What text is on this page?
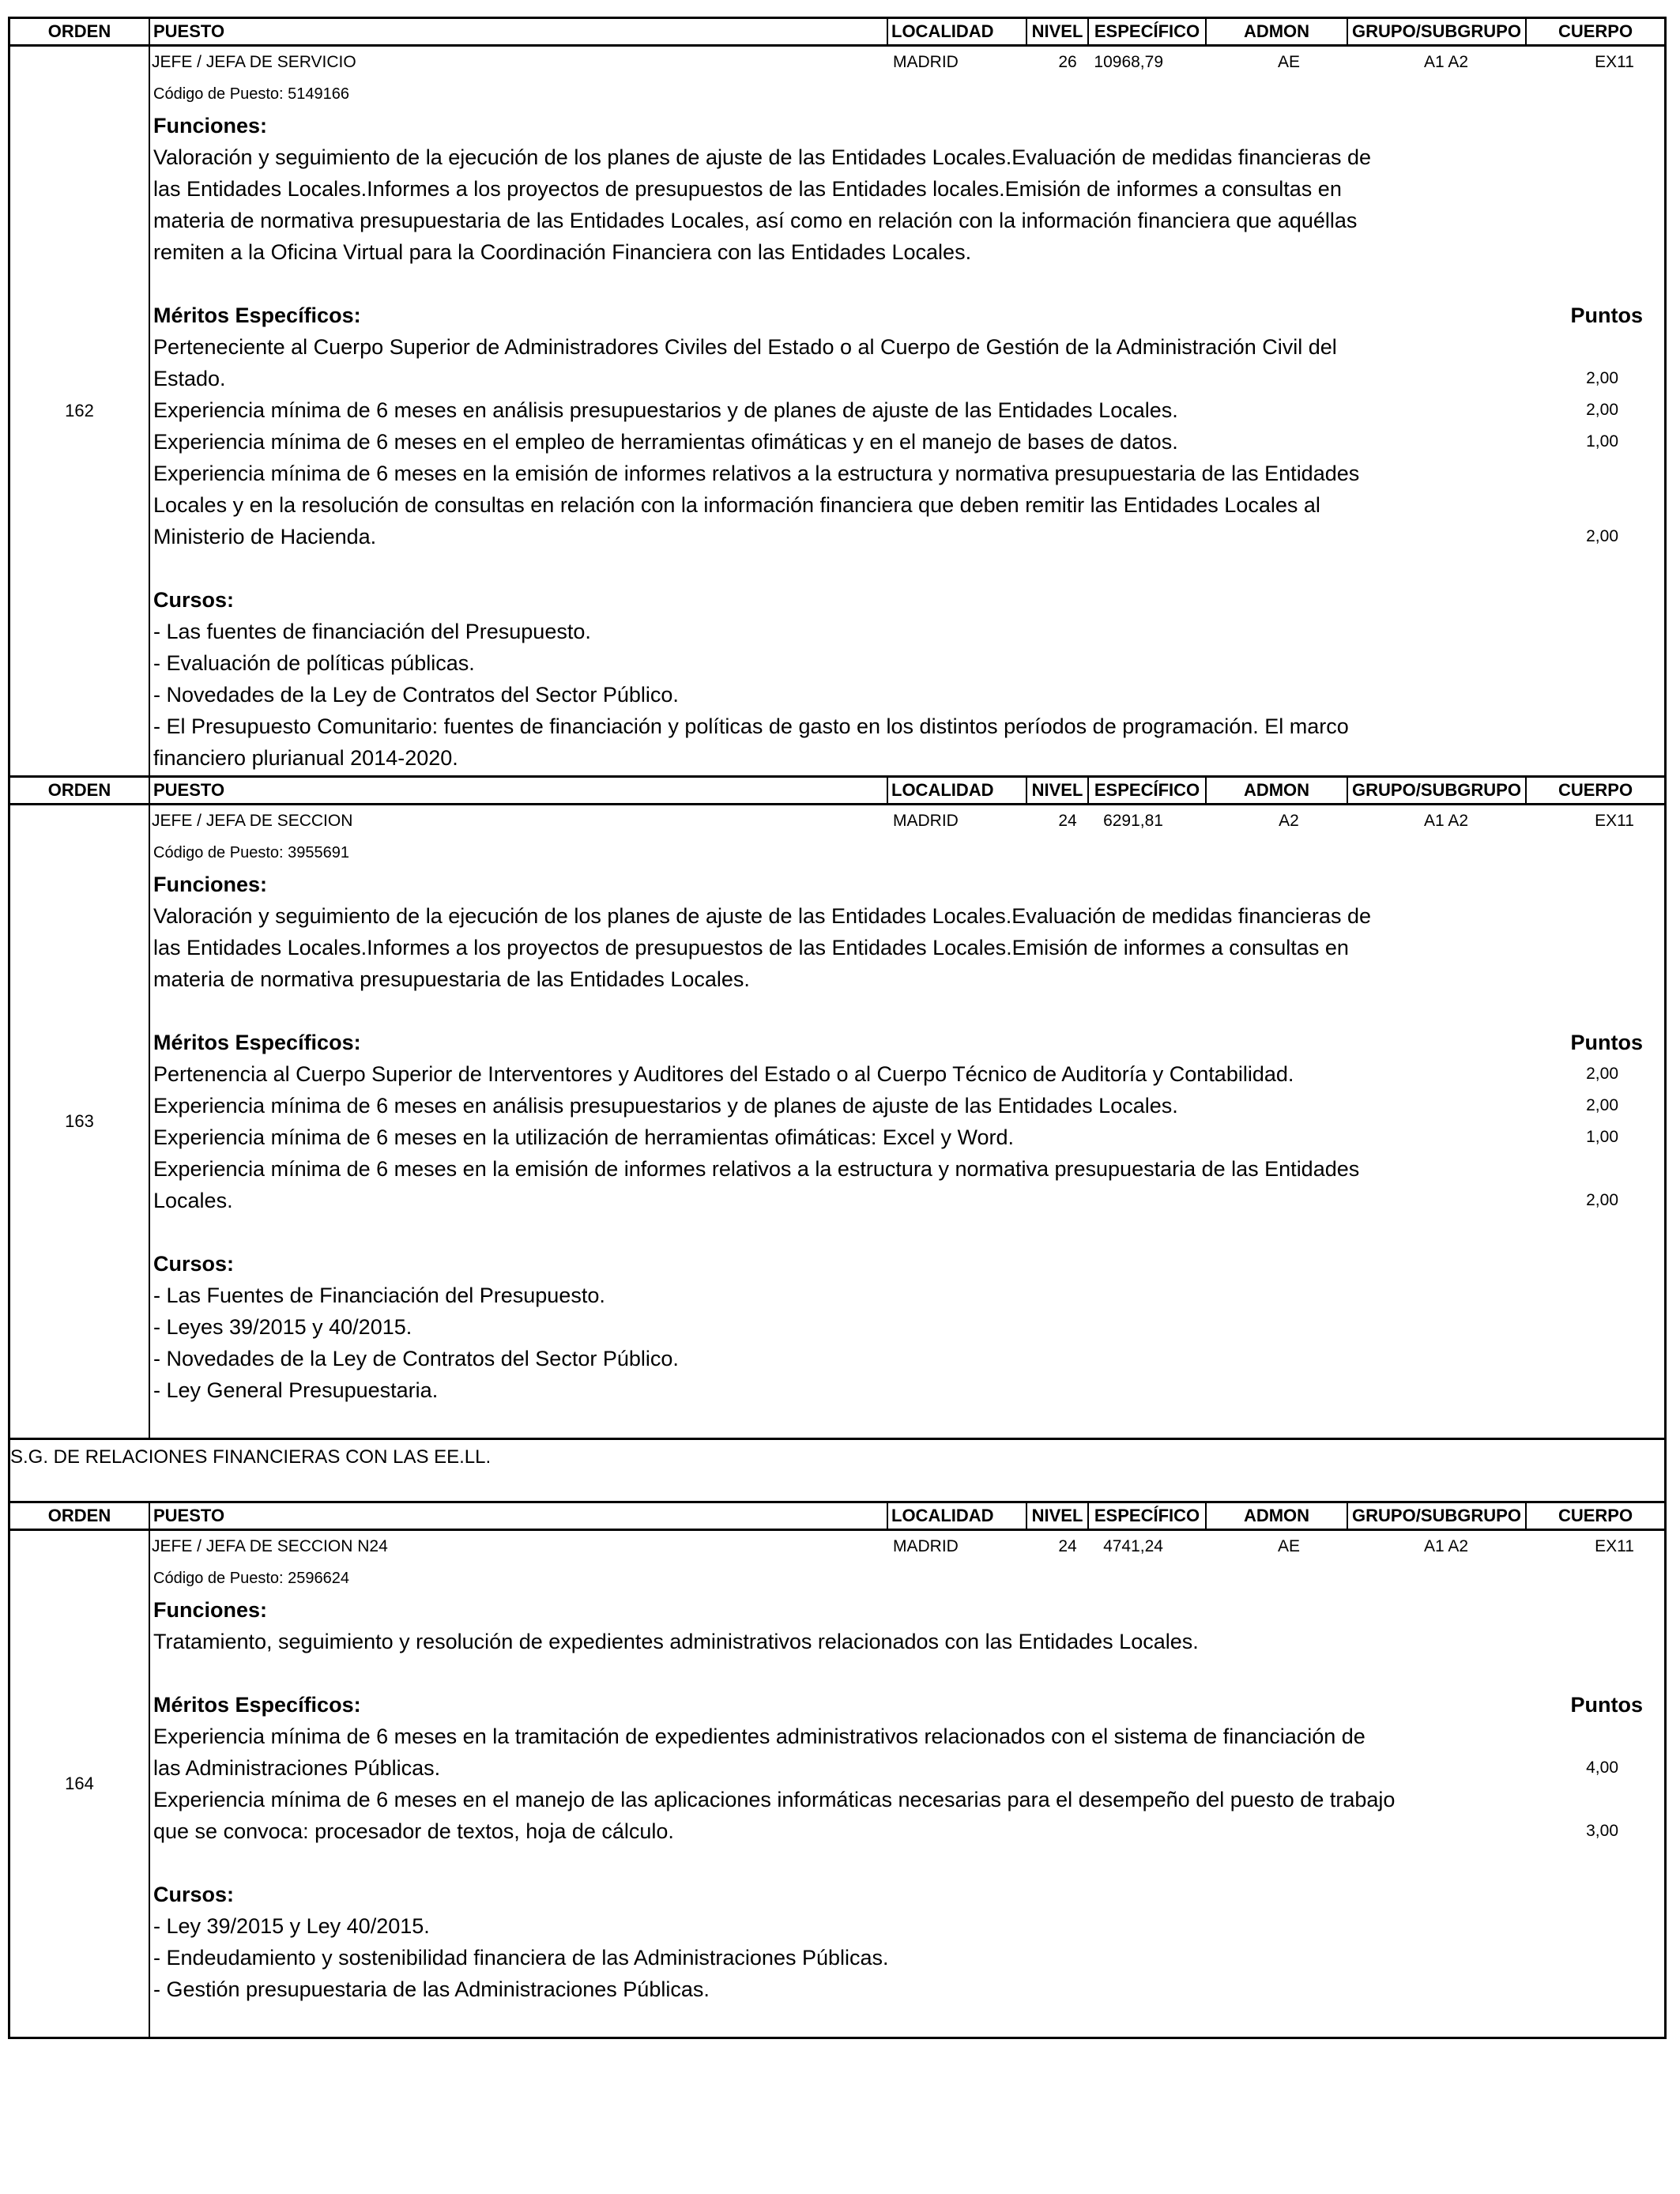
ORDEN	PUESTO	LOCALIDAD	NIVEL ESPECÍFICO	ADMON	GRUPO/SUBGRUPO	CUERPO
162
JEFE / JEFA DE SERVICIO	MADRID	26 10968,79	AE	A1 A2	EX11
Código de Puesto: 5149166
Funciones:

Valoración y seguimiento de la ejecución de los planes de ajuste de las Entidades Locales.Evaluación de medidas financieras de

las Entidades Locales.Informes a los proyectos de presupuestos de las Entidades locales.Emisión de informes a consultas en

materia de normativa presupuestaria de las Entidades Locales, así como en relación con la información financiera que aquéllas

remiten a la Oficina Virtual para la Coordinación Financiera con las Entidades Locales.

Méritos Específicos:	Puntos
Perteneciente al Cuerpo Superior de Administradores Civiles del Estado o al Cuerpo de Gestión de la Administración Civil del
Estado.	2,00
Experiencia mínima de 6 meses en análisis presupuestarios y de planes de ajuste de las Entidades Locales.	2,00
Experiencia mínima de 6 meses en el empleo de herramientas ofimáticas y en el manejo de bases de datos.	1,00
Experiencia mínima de 6 meses en la emisión de informes relativos a la estructura y normativa presupuestaria de las Entidades
Locales y en la resolución de consultas en relación con la información financiera que deben remitir las Entidades Locales al
Ministerio de Hacienda.	2,00
Cursos:
- Las fuentes de financiación del Presupuesto.
- Evaluación de políticas públicas.
- Novedades de la Ley de Contratos del Sector Público.
- El Presupuesto Comunitario: fuentes de financiación y políticas de gasto en los distintos períodos de programación. El marco
financiero plurianual 2014-2020.
ORDEN	PUESTO	LOCALIDAD	NIVEL ESPECÍFICO	ADMON	GRUPO/SUBGRUPO	CUERPO
163
JEFE / JEFA DE SECCION	MADRID	24 6291,81	A2	A1 A2	EX11
Código de Puesto: 3955691
Funciones:

Valoración y seguimiento de la ejecución de los planes de ajuste de las Entidades Locales.Evaluación de medidas financieras de

las Entidades Locales.Informes a los proyectos de presupuestos de las Entidades Locales.Emisión de informes a consultas en

materia de normativa presupuestaria de las Entidades Locales.

Méritos Específicos:	Puntos
Pertenencia al Cuerpo Superior de Interventores y Auditores del Estado o al Cuerpo Técnico de Auditoría y Contabilidad.	2,00
Experiencia mínima de 6 meses en análisis presupuestarios y de planes de ajuste de las Entidades Locales.	2,00
Experiencia mínima de 6 meses en la utilización de herramientas ofimáticas: Excel y Word.	1,00
Experiencia mínima de 6 meses en la emisión de informes relativos a la estructura y normativa presupuestaria de las Entidades
Locales.	2,00
Cursos:
- Las Fuentes de Financiación del Presupuesto.
- Leyes 39/2015 y 40/2015.
- Novedades de la Ley de Contratos del Sector Público.
- Ley General Presupuestaria.
S.G. DE RELACIONES FINANCIERAS CON LAS EE.LL.
ORDEN	PUESTO	LOCALIDAD	NIVEL ESPECÍFICO	ADMON	GRUPO/SUBGRUPO	CUERPO
164
JEFE / JEFA DE SECCION N24	MADRID	24 4741,24	AE	A1 A2	EX11
Código de Puesto: 2596624
Funciones:

Tratamiento, seguimiento y resolución de expedientes administrativos relacionados con las Entidades Locales.

Méritos Específicos:	Puntos
Experiencia mínima de 6 meses en la tramitación de expedientes administrativos relacionados con el sistema de financiación de
las Administraciones Públicas.	4,00
Experiencia mínima de 6 meses en el manejo de las aplicaciones informáticas necesarias para el desempeño del puesto de trabajo
que se convoca: procesador de textos, hoja de cálculo.	3,00
Cursos:
- Ley 39/2015 y Ley 40/2015.
- Endeudamiento y sostenibilidad financiera de las Administraciones Públicas.
- Gestión presupuestaria de las Administraciones Públicas.
